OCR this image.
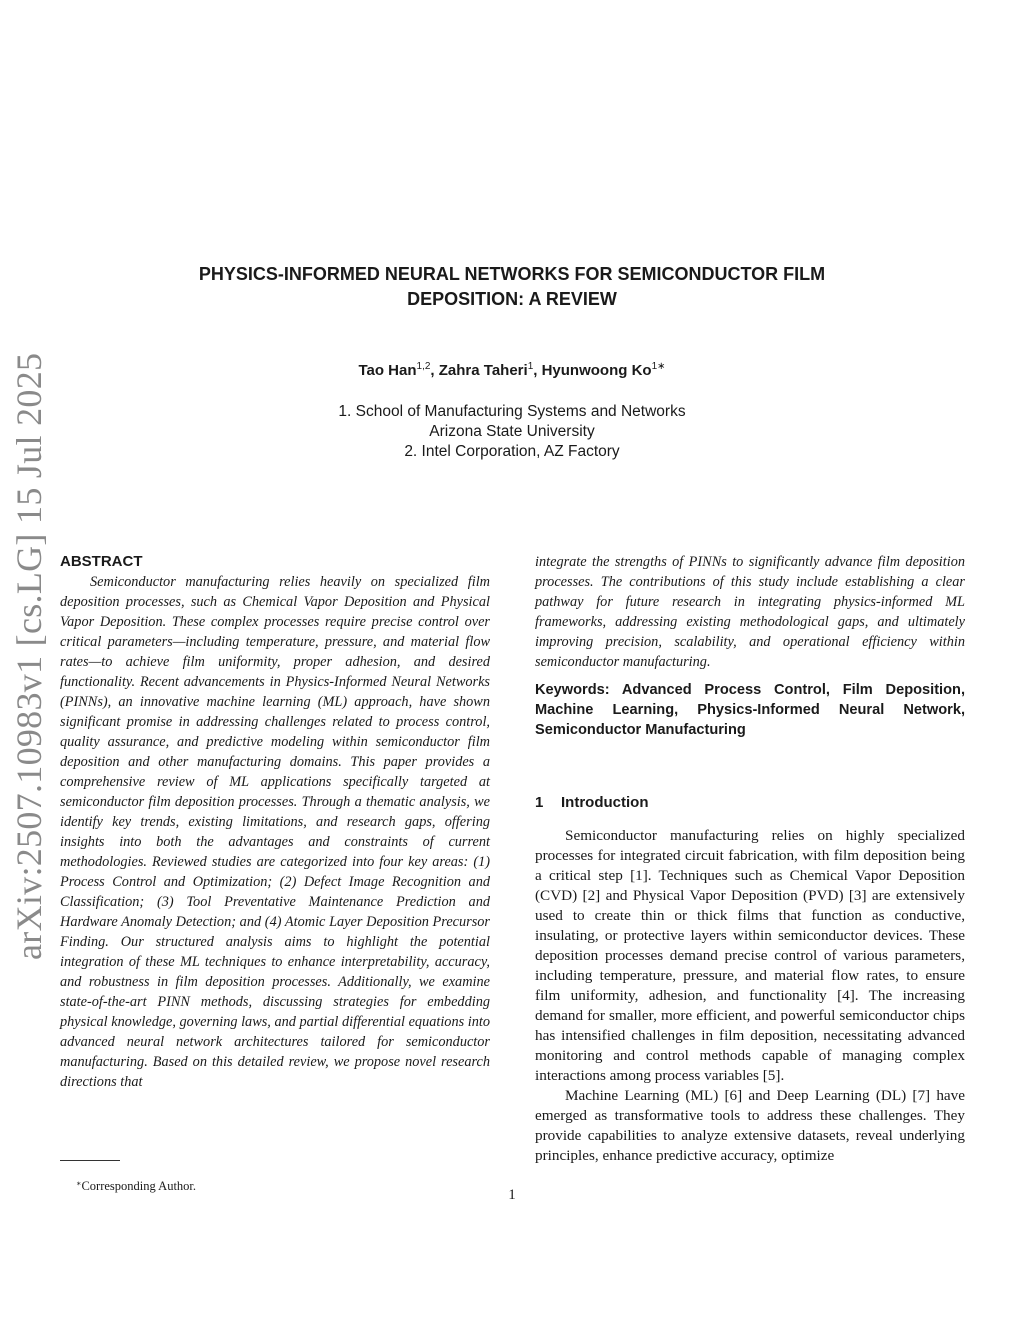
arXiv:2507.10983v1 [cs.LG] 15 Jul 2025
PHYSICS-INFORMED NEURAL NETWORKS FOR SEMICONDUCTOR FILM
DEPOSITION: A REVIEW
Tao Han$^{1,2}$, Zahra Taheri$^1$, Hyunwoong $Ko^{1∗}$
1. School of Manufacturing Systems and Networks
Arizona State University
2. Intel Corporation, AZ Factory
ABSTRACT

Semiconductor manufacturing relies heavily on specialized film deposition processes, such as Chemical Vapor Deposition and Physical Vapor Deposition. These complex processes require precise control over critical parameters—including temperature, pressure, and material flow rates—to achieve film uniformity, proper adhesion, and desired functionality. Recent advancements in Physics-Informed Neural Networks (PINNs), an innovative machine learning (ML) approach, have shown significant promise in addressing challenges related to process control, quality assurance, and predictive modeling within semiconductor film deposition and other manufacturing domains. This paper provides a comprehensive review of ML applications specifically targeted at semiconductor film deposition processes. Through a thematic analysis, we identify key trends, existing limitations, and research gaps, offering insights into both the advantages and constraints of current methodologies. Reviewed studies are categorized into four key areas: (1) Process Control and Optimization; (2) Defect Image Recognition and Classification; (3) Tool Preventative Maintenance Prediction and Hardware Anomaly Detection; and (4) Atomic Layer Deposition Precursor Finding. Our structured analysis aims to highlight the potential integration of these ML techniques to enhance interpretability, accuracy, and robustness in film deposition processes. Additionally, we examine state-of-the-art PINN methods, discussing strategies for embedding physical knowledge, governing laws, and partial differential equations into advanced neural network architectures tailored for semiconductor manufacturing. Based on this detailed review, we propose novel research directions that

integrate the strengths of PINNs to significantly advance film deposition processes. The contributions of this study include establishing a clear pathway for future research in integrating physics-informed ML frameworks, addressing existing methodological gaps, and ultimately improving precision, scalability, and operational efficiency within semiconductor manufacturing.

Keywords: Advanced Process Control, Film Deposition, Machine Learning, Physics-Informed Neural Network, Semiconductor Manufacturing

1 Introduction

Semiconductor manufacturing relies on highly specialized processes for integrated circuit fabrication, with film deposition being a critical step [1]. Techniques such as Chemical Vapor Deposition (CVD) [2] and Physical Vapor Deposition (PVD) [3] are extensively used to create thin or thick films that function as conductive, insulating, or protective layers within semiconductor devices. These deposition processes demand precise control of various parameters, including temperature, pressure, and material flow rates, to ensure film uniformity, adhesion, and functionality [4]. The increasing demand for smaller, more efficient, and powerful semiconductor chips has intensified challenges in film deposition, necessitating advanced monitoring and control methods capable of managing complex interactions among process variables [5].

Machine Learning (ML) [6] and Deep Learning (DL) [7] have emerged as transformative tools to address these challenges. They provide capabilities to analyze extensive datasets, reveal underlying principles, enhance predictive accuracy, optimize

∗Corresponding Author.
1
